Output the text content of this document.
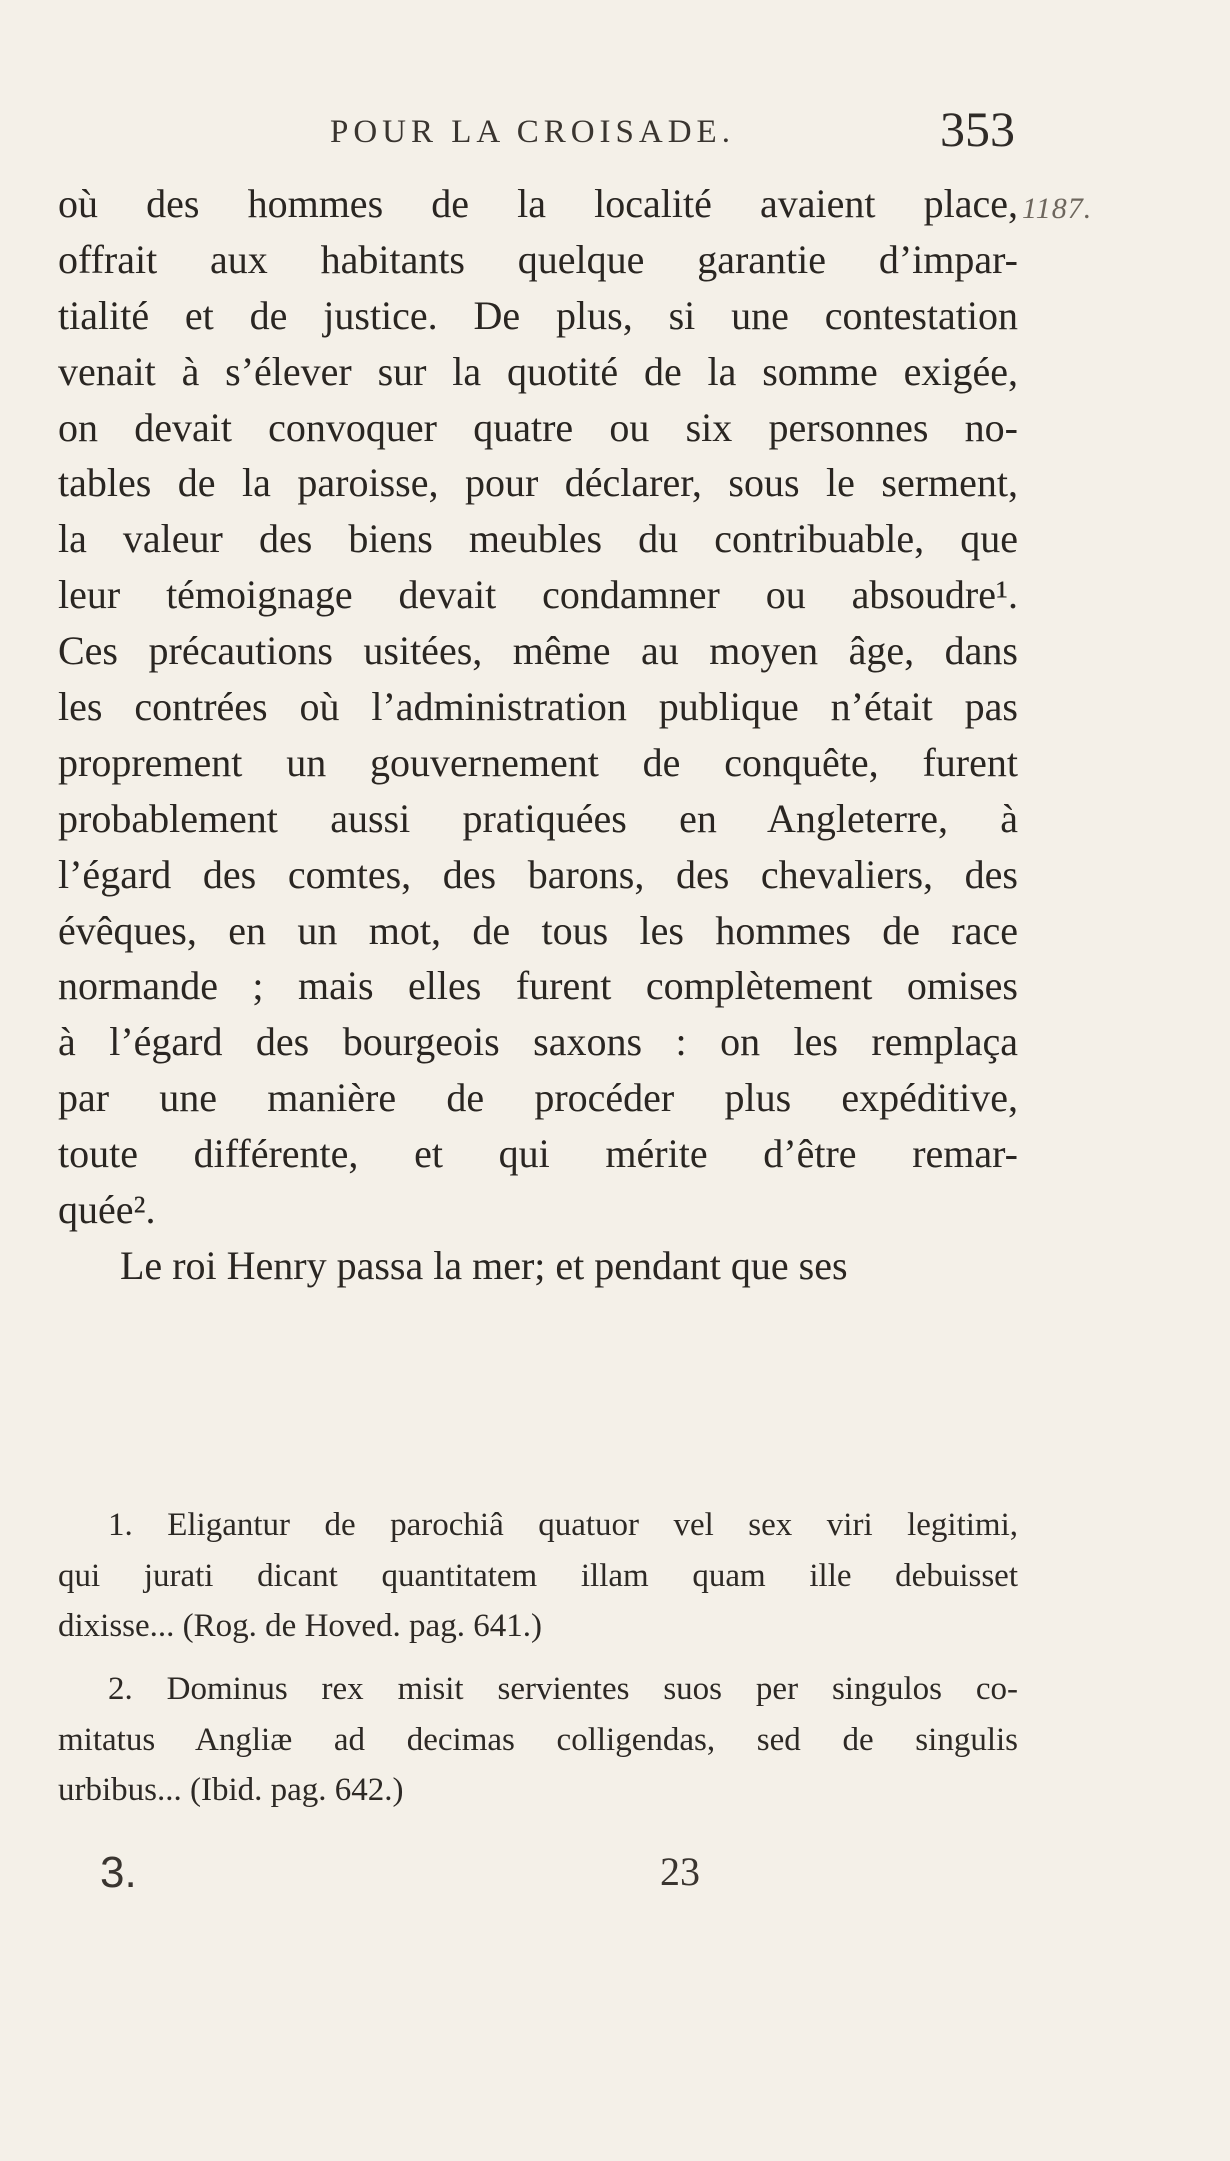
POUR LA CROISADE.	353
1187.
où des hommes de la localité avaient place,
offrait aux habitants quelque garantie d’impar-
tialité et de justice. De plus, si une contestation
venait à s’élever sur la quotité de la somme exigée,
on devait convoquer quatre ou six personnes no-
tables de la paroisse, pour déclarer, sous le serment,
la valeur des biens meubles du contribuable, que
leur témoignage devait condamner ou absoudre¹.
Ces précautions usitées, même au moyen âge, dans
les contrées où l’administration publique n’était pas
proprement un gouvernement de conquête, furent
probablement aussi pratiquées en Angleterre, à
l’égard des comtes, des barons, des chevaliers, des
évêques, en un mot, de tous les hommes de race
normande ; mais elles furent complètement omises
à l’égard des bourgeois saxons : on les remplaça
par une manière de procéder plus expéditive,
toute différente, et qui mérite d’être remar-
quée².
Le roi Henry passa la mer; et pendant que ses
1. Eligantur de parochiâ quatuor vel sex viri legitimi,
qui jurati dicant quantitatem illam quam ille debuisset
dixisse... (Rog. de Hoved. pag. 641.)
2. Dominus rex misit servientes suos per singulos co-
mitatus Angliæ ad decimas colligendas, sed de singulis
urbibus... (Ibid. pag. 642.)
3.	23
